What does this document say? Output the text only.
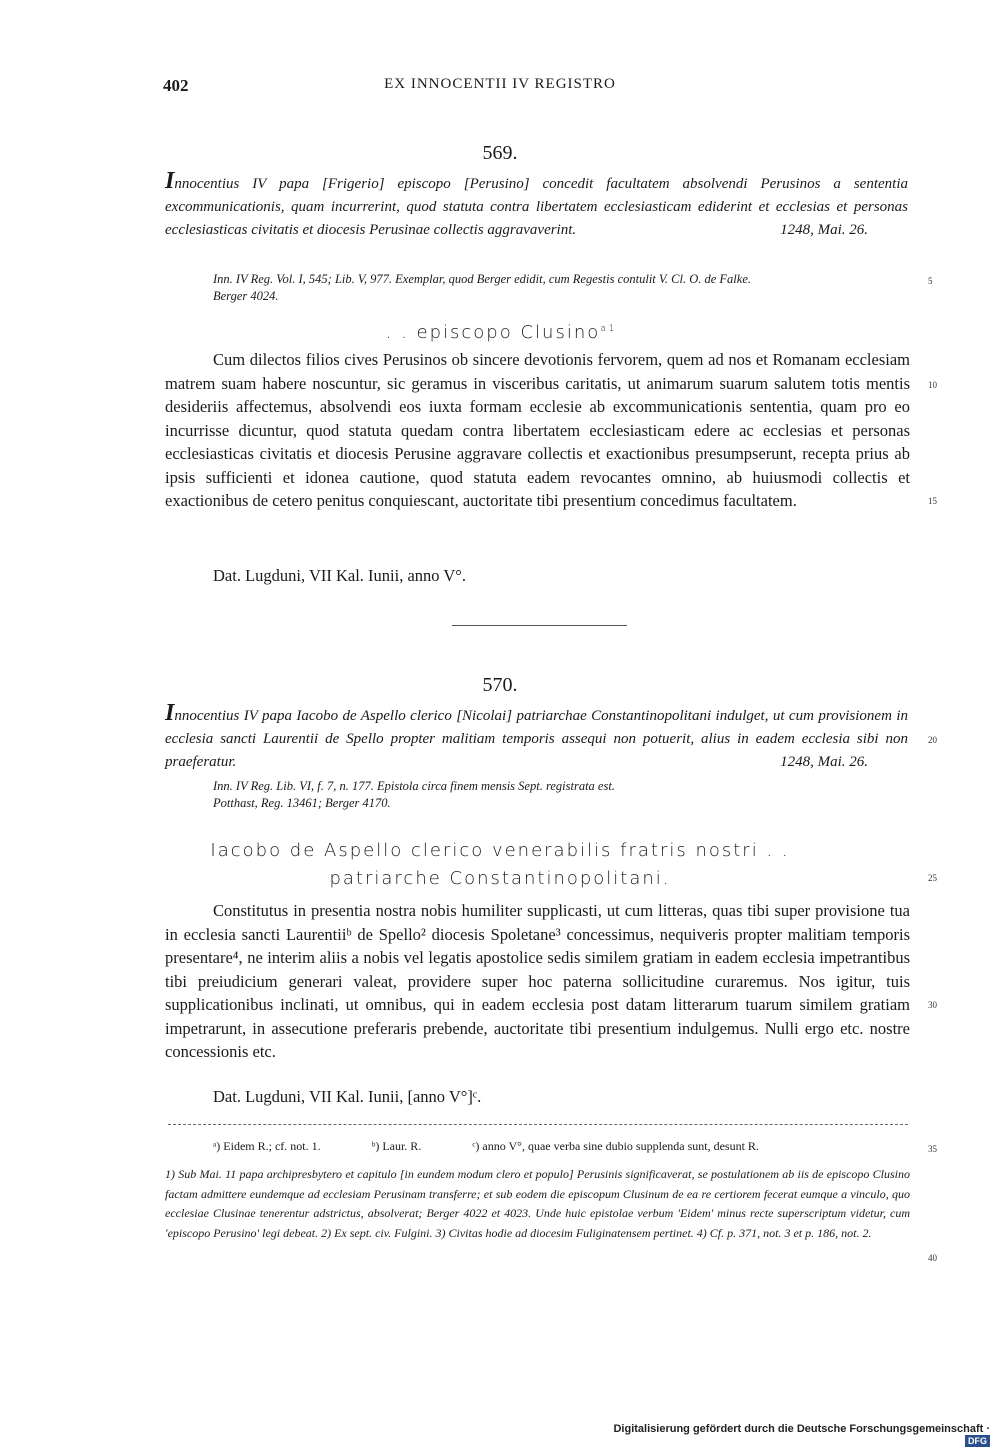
402	EX INNOCENTII IV REGISTRO
569.
Innocentius IV papa [Frigerio] episcopo [Perusino] concedit facultatem absolvendi Perusinos a sententia excommunicationis, quam incurrerint, quod statuta contra libertatem ecclesiasticam ediderint et ecclesias et personas ecclesiasticas civitatis et diocesis Perusinae collectis aggravaverint.	1248, Mai. 26.
Inn. IV Reg. Vol. I, 545; Lib. V, 977. Exemplar, quod Berger edidit, cum Regestis contulit V. Cl. O. de Falke.
Berger 4024.
. . episcopo Clusino$^{a 1}$

Cum dilectos filios cives Perusinos ob sincere devotionis fervorem, quem ad nos et Romanam ecclesiam matrem suam habere noscuntur, sic geramus in visceribus caritatis, ut animarum suarum salutem totis mentis desideriis affectemus, absolvendi eos iuxta formam ecclesie ab excommunicationis sententia, quam pro eo incurrisse dicuntur, quod statuta quedam contra libertatem ecclesiasticam edere ac ecclesias et personas ecclesiasticas civitatis et diocesis Perusine aggravare collectis et exactionibus presumpserunt, recepta prius ab ipsis sufficienti et idonea cautione, quod statuta eadem revocantes omnino, ab huiusmodi collectis et exactionibus de cetero penitus conquiescant, auctoritate tibi presentium concedimus facultatem.

Dat. Lugduni, VII Kal. Iunii, anno V°.
570.
Innocentius IV papa Iacobo de Aspello clerico [Nicolai] patriarchae Constantinopolitani indulget, ut cum provisionem in ecclesia sancti Laurentii de Spello propter malitiam temporis assequi non potuerit, alius in eadem ecclesia sibi non praeferatur.	1248, Mai. 26.
Inn. IV Reg. Lib. VI, f. 7, n. 177. Epistola circa finem mensis Sept. registrata est.
Potthast, Reg. 13461; Berger 4170.
Iacobo de Aspello clerico venerabilis fratris nostri . .
patriarche Constantinopolitani.

Constitutus in presentia nostra nobis humiliter supplicasti, ut cum litteras, quas tibi super provisione tua in ecclesia sancti Laurentiiᵇ de Spello² diocesis Spoletane³ concessimus, nequiveris propter malitiam temporis presentare⁴, ne interim aliis a nobis vel legatis apostolice sedis similem gratiam in eadem ecclesia impetrantibus tibi preiudicium generari valeat, providere super hoc paterna sollicitudine curaremus. Nos igitur, tuis supplicationibus inclinati, ut omnibus, qui in eadem ecclesia post datam litterarum tuarum similem gratiam impetrarunt, in assecutione preferaris prebende, auctoritate tibi presentium indulgemus. Nulli ergo etc. nostre concessionis etc.

Dat. Lugduni, VII Kal. Iunii, [anno V°]ᶜ.
5
10
15
20
25
30
35
40
ᵃ) Eidem R.; cf. not. 1.	ᵇ) Laur. R.	ᶜ) anno V°, quae verba sine dubio supplenda sunt, desunt R.
1) Sub Mai. 11 papa archipresbytero et capitulo [in eundem modum clero et populo] Perusinis significaverat, se postulationem ab iis de episcopo Clusino factam admittere eundemque ad ecclesiam Perusinam transferre; et sub eodem die episcopum Clusinum de ea re certiorem fecerat eumque a vinculo, quo ecclesiae Clusinae tenerentur adstrictus, absolverat; Berger 4022 et 4023. Unde huic epistolae verbum 'Eidem' minus recte superscriptum videtur, cum 'episcopo Perusino' legi debeat. 2) Ex sept. civ. Fulgini. 3) Civitas hodie ad diocesim Fuliginatensem pertinet. 4) Cf. p. 371, not. 3 et p. 186, not. 2.
Digitalisierung gefördert durch die Deutsche Forschungsgemeinschaft ·DFG
